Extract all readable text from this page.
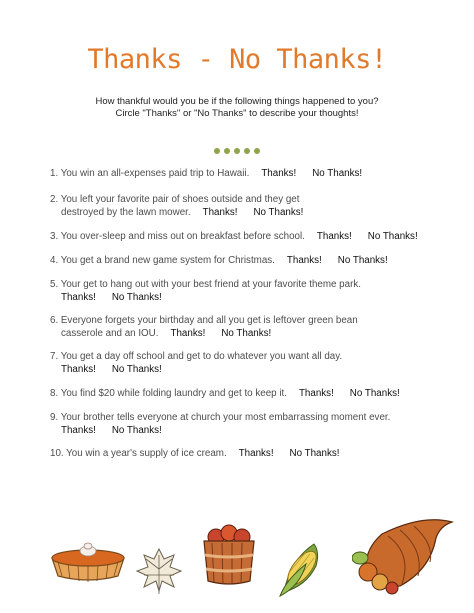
Thanks - No Thanks!
How thankful would you be if the following things happened to you?
Circle "Thanks" or "No Thanks" to describe your thoughts!
1. You win an all-expenses paid trip to Hawaii. Thanks! No Thanks!
2. You left your favorite pair of shoes outside and they get
destroyed by the lawn mower. Thanks! No Thanks!
3. You over-sleep and miss out on breakfast before school. Thanks! No Thanks!
4. You get a brand new game system for Christmas. Thanks! No Thanks!
5. Your get to hang out with your best friend at your favorite theme park.
Thanks! No Thanks!
6. Everyone forgets your birthday and all you get is leftover green bean
casserole and an IOU. Thanks! No Thanks!
7. You get a day off school and get to do whatever you want all day.
Thanks! No Thanks!
8. You find $20 while folding laundry and get to keep it. Thanks! No Thanks!
9. Your brother tells everyone at church your most embarrassing moment ever.
Thanks! No Thanks!
10. You win a year's supply of ice cream. Thanks! No Thanks!
